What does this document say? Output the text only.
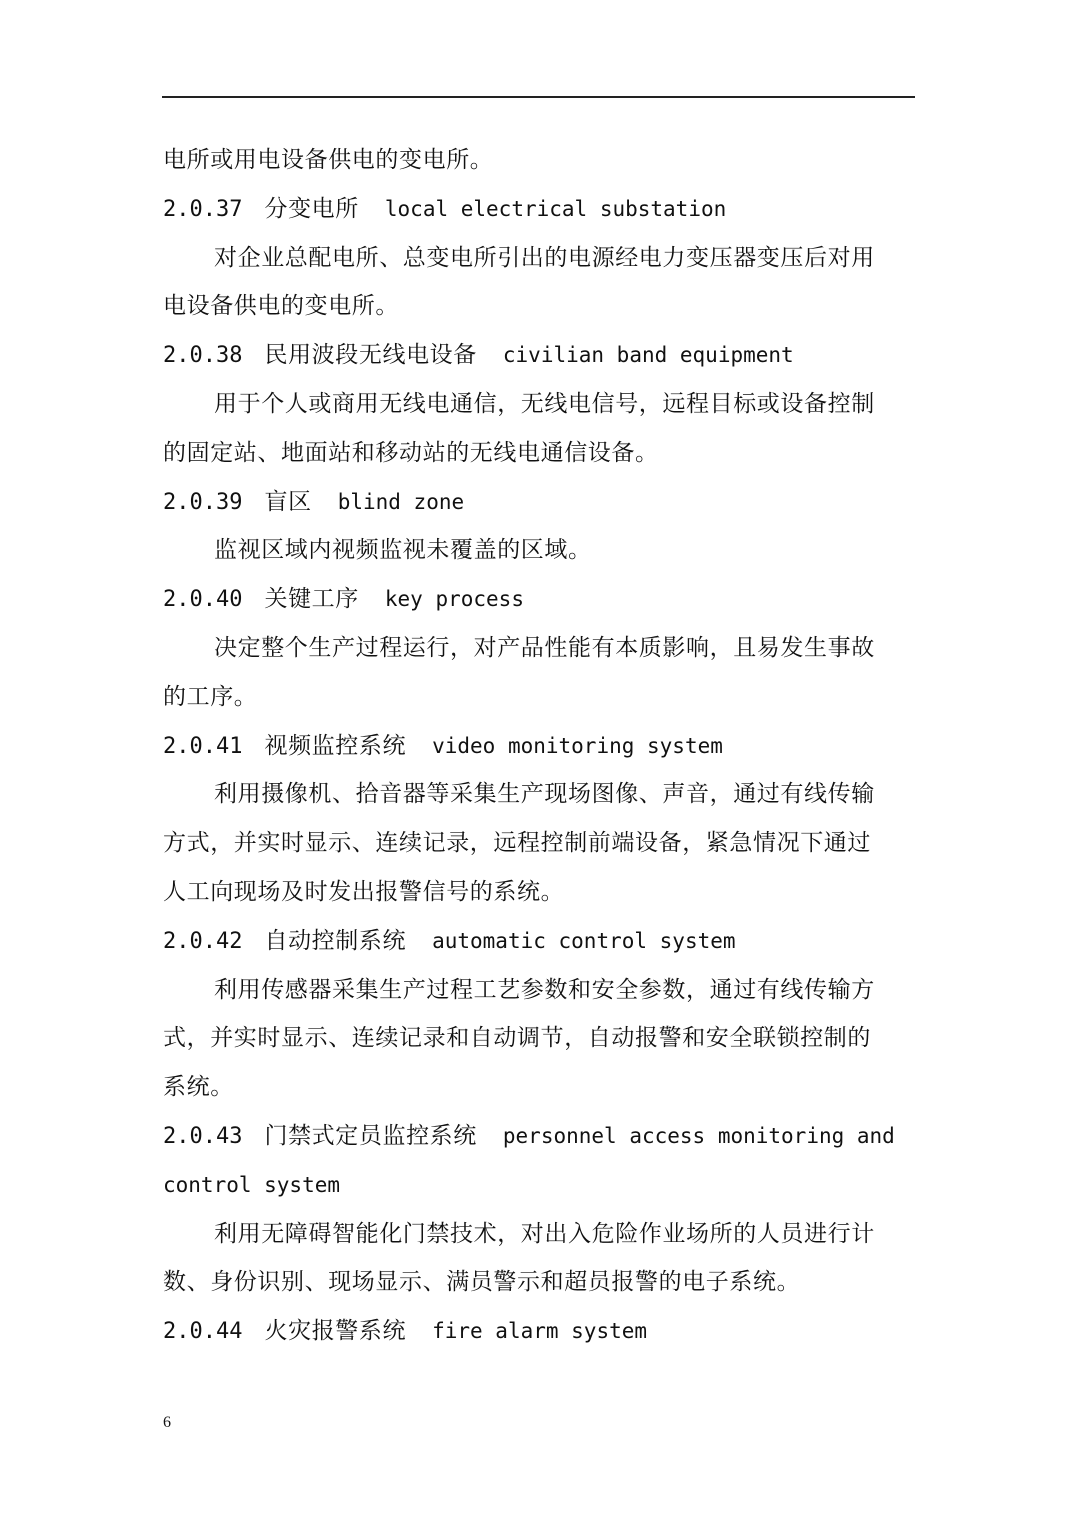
电所或用电设备供电的变电所。
2.0.37 分变电所 local electrical substation
对企业总配电所、总变电所引出的电源经电力变压器变压后对用
电设备供电的变电所。
2.0.38 民用波段无线电设备 civilian band equipment
用于个人或商用无线电通信，无线电信号，远程目标或设备控制
的固定站、地面站和移动站的无线电通信设备。
2.0.39 盲区 blind zone
监视区域内视频监视未覆盖的区域。
2.0.40 关键工序 key process
决定整个生产过程运行，对产品性能有本质影响，且易发生事故
的工序。
2.0.41 视频监控系统 video monitoring system
利用摄像机、拾音器等采集生产现场图像、声音，通过有线传输
方式，并实时显示、连续记录，远程控制前端设备，紧急情况下通过
人工向现场及时发出报警信号的系统。
2.0.42 自动控制系统 automatic control system
利用传感器采集生产过程工艺参数和安全参数，通过有线传输方
式，并实时显示、连续记录和自动调节，自动报警和安全联锁控制的
系统。
2.0.43 门禁式定员监控系统 personnel access monitoring and
control system
利用无障碍智能化门禁技术，对出入危险作业场所的人员进行计
数、身份识别、现场显示、满员警示和超员报警的电子系统。
2.0.44 火灾报警系统 fire alarm system
6
